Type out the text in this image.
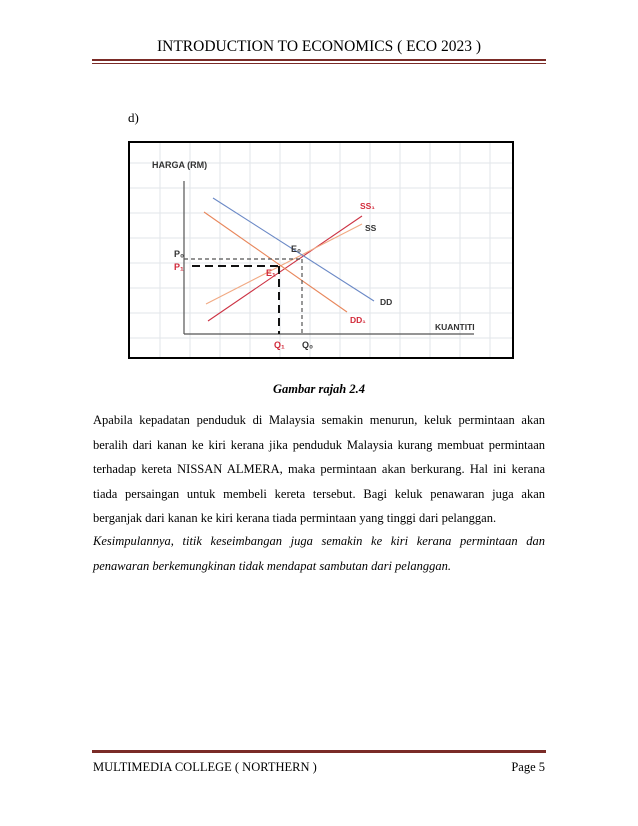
INTRODUCTION TO ECONOMICS ( ECO 2023 )
d)
HARGA (RM)
KUANTITI
P₀
P₁
E₀
E₁
SS₁
SS
DD
DD₁
Q₁ Q₀
Gambar rajah 2.4
Apabila kepadatan penduduk di Malaysia semakin menurun, keluk permintaan akan beralih dari kanan ke kiri kerana jika penduduk Malaysia kurang membuat permintaan terhadap kereta NISSAN ALMERA, maka permintaan akan berkurang. Hal ini kerana tiada persaingan untuk membeli kereta tersebut. Bagi keluk penawaran juga akan berganjak dari kanan ke kiri kerana tiada permintaan yang tinggi dari pelanggan.
Kesimpulannya, titik keseimbangan juga semakin ke kiri kerana permintaan dan penawaran berkemungkinan tidak mendapat sambutan dari pelanggan.
MULTIMEDIA COLLEGE ( NORTHERN )	Page 5
